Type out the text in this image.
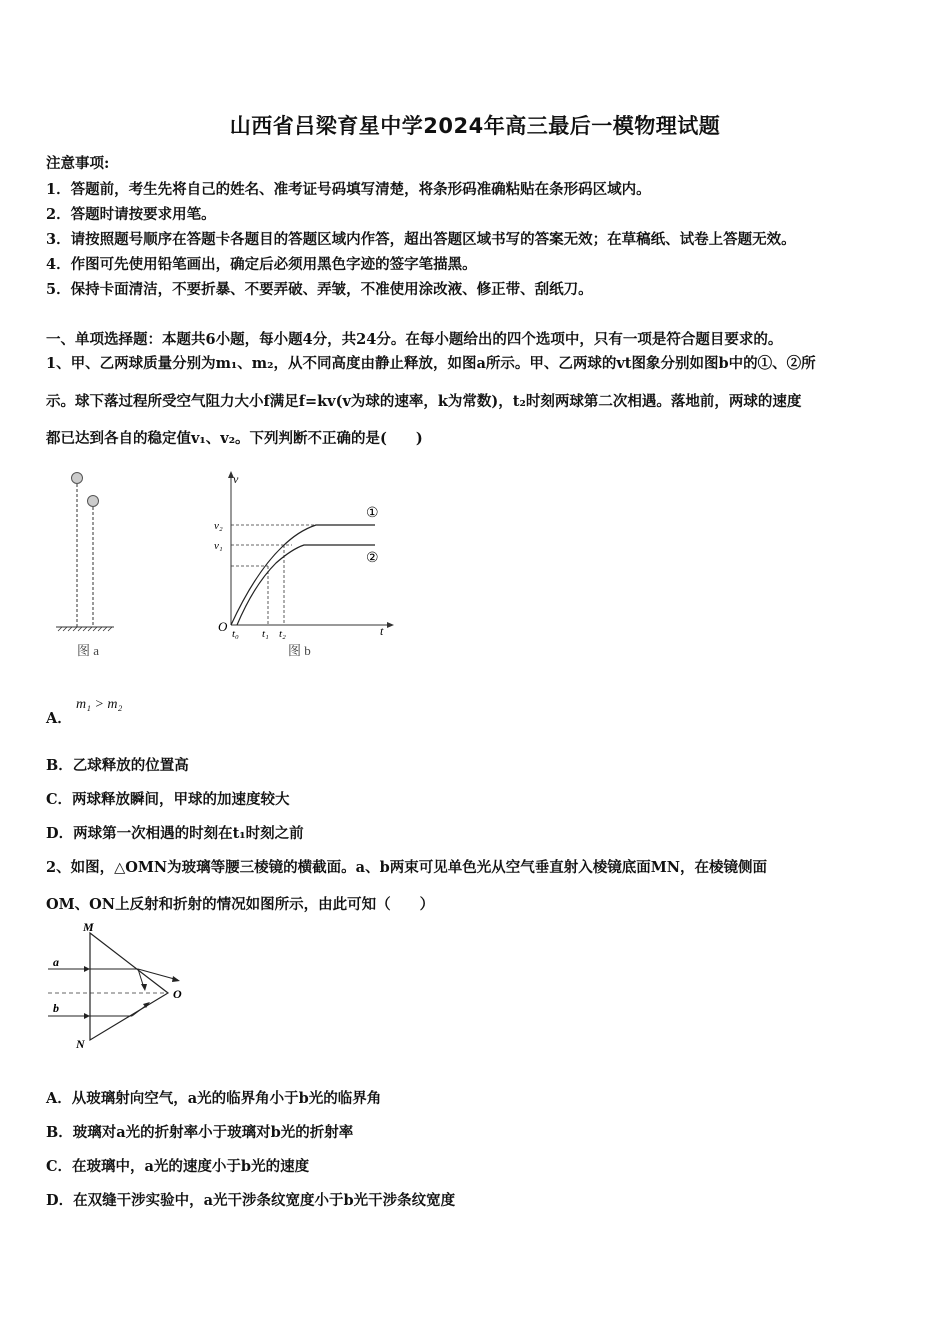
山西省吕梁育星中学2024年高三最后一模物理试题
注意事项:
1．答题前，考生先将自己的姓名、准考证号码填写清楚，将条形码准确粘贴在条形码区域内。
2．答题时请按要求用笔。
3．请按照题号顺序在答题卡各题目的答题区域内作答，超出答题区域书写的答案无效；在草稿纸、试卷上答题无效。
4．作图可先使用铅笔画出，确定后必须用黑色字迹的签字笔描黑。
5．保持卡面清洁，不要折暴、不要弄破、弄皱，不准使用涂改液、修正带、刮纸刀。
一、单项选择题：本题共6小题，每小题4分，共24分。在每小题给出的四个选项中，只有一项是符合题目要求的。
1、甲、乙两球质量分别为m₁、m₂，从不同高度由静止释放，如图a所示。甲、乙两球的vt图象分别如图b中的①、②所
示。球下落过程所受空气阻力大小f满足f=kv(v为球的速率，k为常数)，t₂时刻两球第二次相遇。落地前，两球的速度
都已达到各自的稳定值v₁、v₂。下列判断不正确的是(　　)
图 a
v
t
O
v₂
v₁
①
②
t₀ t₁ t₂
图 b
A．
m₁ > m₂
B．乙球释放的位置高
C．两球释放瞬间，甲球的加速度较大
D．两球第一次相遇的时刻在t₁时刻之前
2、如图，△OMN为玻璃等腰三棱镜的横截面。a、b两束可见单色光从空气垂直射入棱镜底面MN，在棱镜侧面
OM、ON上反射和折射的情况如图所示，由此可知（　　）
M
N
O
a
b
A．从玻璃射向空气，a光的临界角小于b光的临界角
B．玻璃对a光的折射率小于玻璃对b光的折射率
C．在玻璃中，a光的速度小于b光的速度
D．在双缝干涉实验中，a光干涉条纹宽度小于b光干涉条纹宽度
